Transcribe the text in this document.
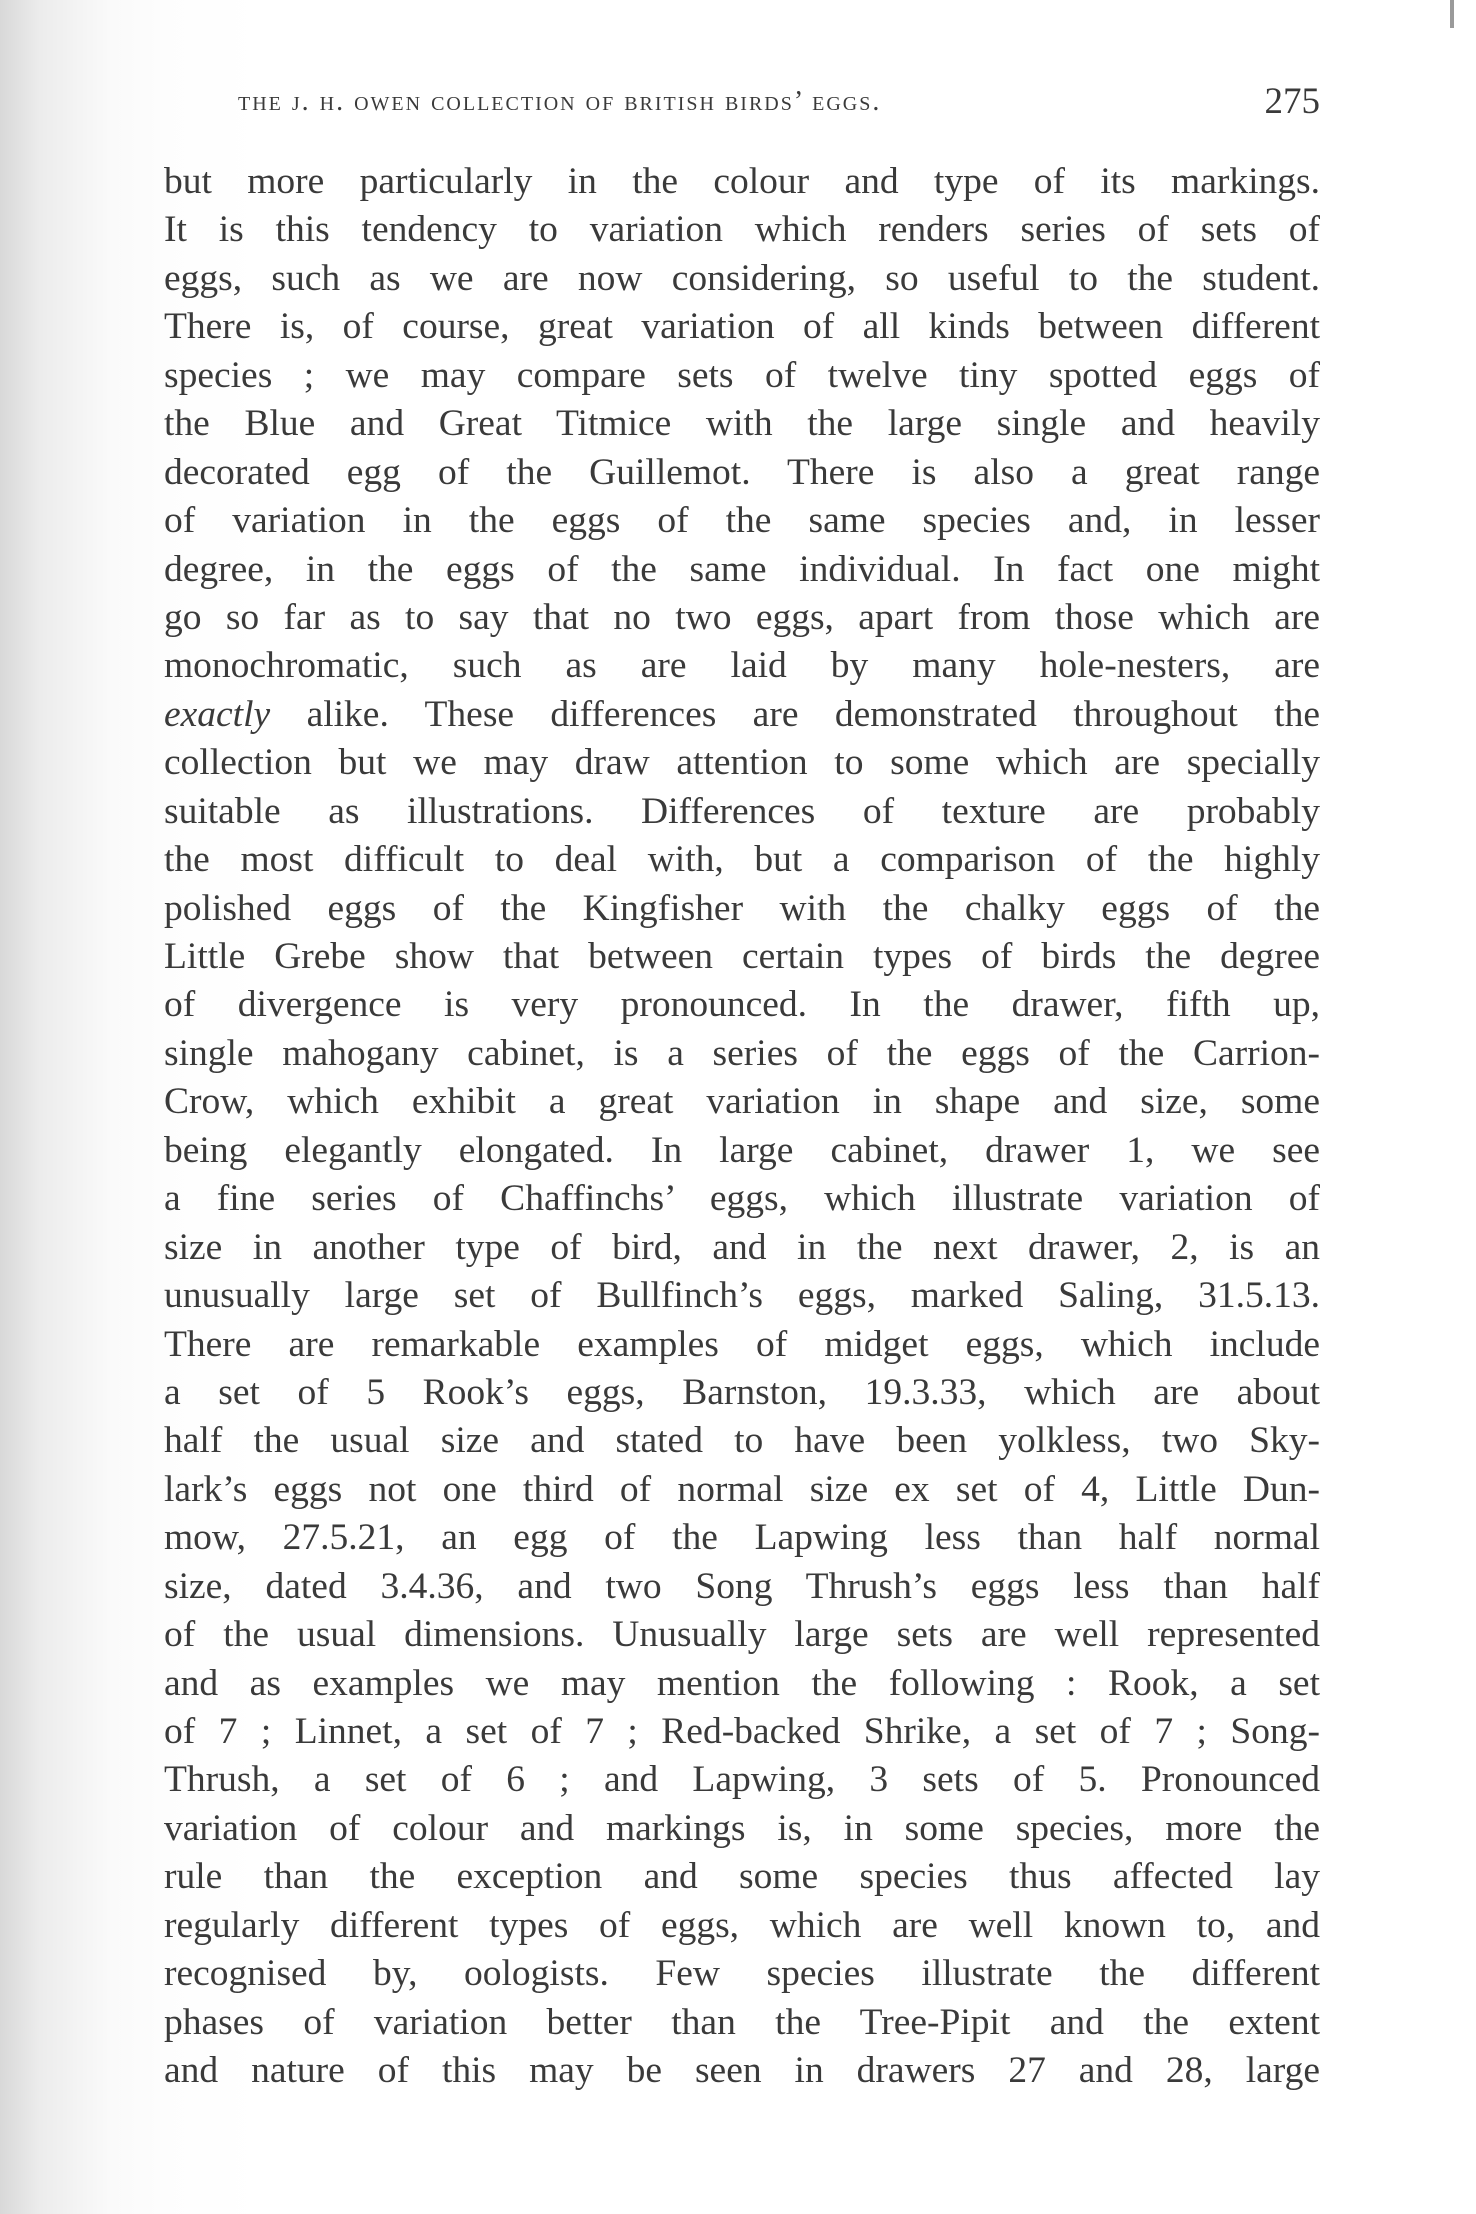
the j. h. owen collection of british birds’ eggs.	275
but more particularly in the colour and type of its markings.
It is this tendency to variation which renders series of sets of
eggs, such as we are now considering, so useful to the student.
There is, of course, great variation of all kinds between different
species ; we may compare sets of twelve tiny spotted eggs of
the Blue and Great Titmice with the large single and heavily
decorated egg of the Guillemot. There is also a great range
of variation in the eggs of the same species and, in lesser
degree, in the eggs of the same individual. In fact one might
go so far as to say that no two eggs, apart from those which are
monochromatic, such as are laid by many hole-nesters, are
exactly alike. These differences are demonstrated throughout the
collection but we may draw attention to some which are specially
suitable as illustrations. Differences of texture are probably
the most difficult to deal with, but a comparison of the highly
polished eggs of the Kingfisher with the chalky eggs of the
Little Grebe show that between certain types of birds the degree
of divergence is very pronounced. In the drawer, fifth up,
single mahogany cabinet, is a series of the eggs of the Carrion-
Crow, which exhibit a great variation in shape and size, some
being elegantly elongated. In large cabinet, drawer 1, we see
a fine series of Chaffinchs’ eggs, which illustrate variation of
size in another type of bird, and in the next drawer, 2, is an
unusually large set of Bullfinch’s eggs, marked Saling, 31.5.13.
There are remarkable examples of midget eggs, which include
a set of 5 Rook’s eggs, Barnston, 19.3.33, which are about
half the usual size and stated to have been yolkless, two Sky-
lark’s eggs not one third of normal size ex set of 4, Little Dun-
mow, 27.5.21, an egg of the Lapwing less than half normal
size, dated 3.4.36, and two Song Thrush’s eggs less than half
of the usual dimensions. Unusually large sets are well represented
and as examples we may mention the following : Rook, a set
of 7 ; Linnet, a set of 7 ; Red-backed Shrike, a set of 7 ; Song-
Thrush, a set of 6 ; and Lapwing, 3 sets of 5. Pronounced
variation of colour and markings is, in some species, more the
rule than the exception and some species thus affected lay
regularly different types of eggs, which are well known to, and
recognised by, oologists. Few species illustrate the different
phases of variation better than the Tree-Pipit and the extent
and nature of this may be seen in drawers 27 and 28, large
